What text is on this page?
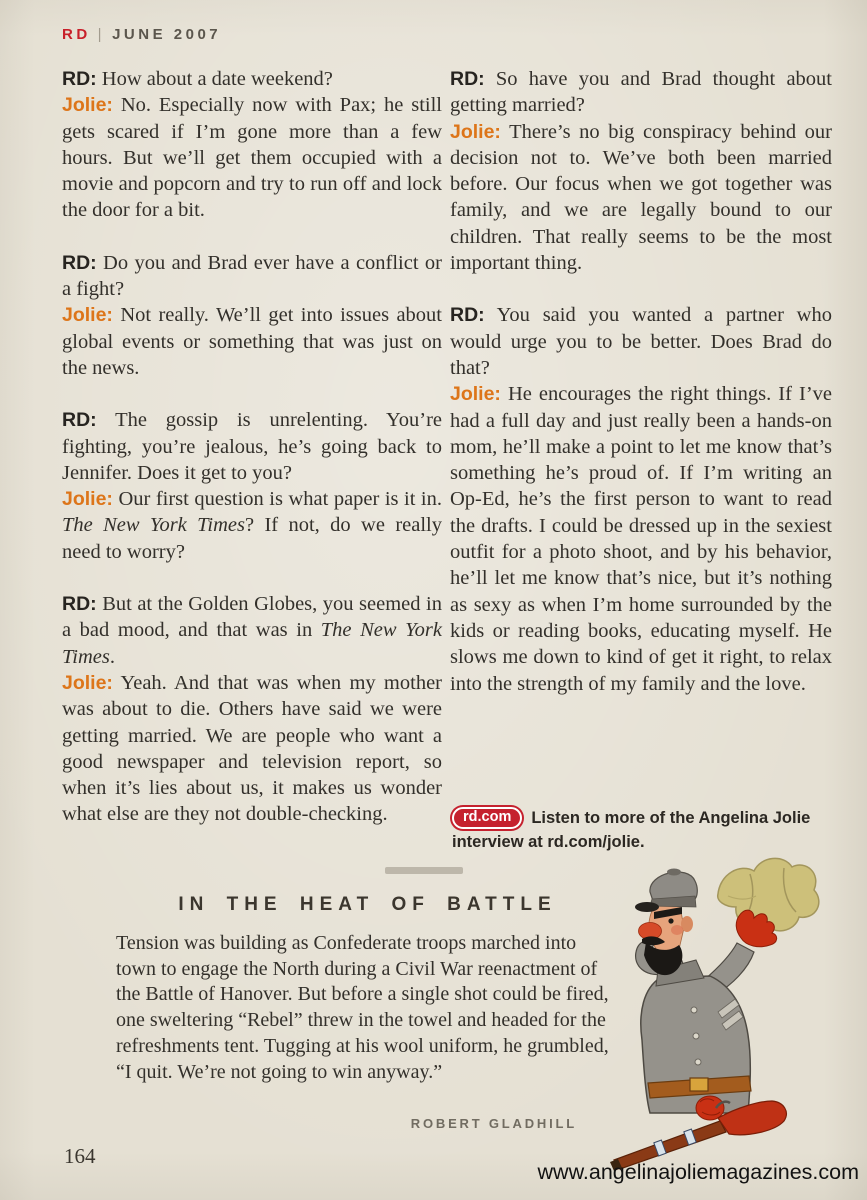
RD | JUNE 2007

RD: How about a date weekend?

Jolie: No. Especially now with Pax; he still gets scared if I’m gone more than a few hours. But we’ll get them occupied with a movie and popcorn and try to run off and lock the door for a bit.

RD: Do you and Brad ever have a conflict or a fight?

Jolie: Not really. We’ll get into issues about global events or something that was just on the news.

RD: The gossip is unrelenting. You’re fighting, you’re jealous, he’s going back to Jennifer. Does it get to you?

Jolie: Our first question is what paper is it in. The New York Times? If not, do we really need to worry?

RD: But at the Golden Globes, you seemed in a bad mood, and that was in The New York Times.

Jolie: Yeah. And that was when my mother was about to die. Others have said we were getting married. We are people who want a good newspaper and television report, so when it’s lies about us, it makes us wonder what else are they not double-checking.

RD: So have you and Brad thought about getting married?

Jolie: There’s no big conspiracy behind our decision not to. We’ve both been married before. Our focus when we got together was family, and we are legally bound to our children. That really seems to be the most important thing.

RD: You said you wanted a partner who would urge you to be better. Does Brad do that?

Jolie: He encourages the right things. If I’ve had a full day and just really been a hands-on mom, he’ll make a point to let me know that’s something he’s proud of. If I’m writing an Op-Ed, he’s the first person to want to read the drafts. I could be dressed up in the sexiest outfit for a photo shoot, and by his behavior, he’ll let me know that’s nice, but it’s nothing as sexy as when I’m home surrounded by the kids or reading books, educating myself. He slows me down to kind of get it right, to relax into the strength of my family and the love.

rd.com Listen to more of the Angelina Jolie interview at rd.com/jolie.
IN THE HEAT OF BATTLE
Tension was building as Confederate troops marched into town to engage the North during a Civil War reenactment of the Battle of Hanover. But before a single shot could be fired, one sweltering “Rebel” threw in the towel and headed for the refreshments tent. Tugging at his wool uniform, he grumbled, “I quit. We’re not going to win anyway.”
ROBERT GLADHILL
164
www.angelinajoliemagazines.com
